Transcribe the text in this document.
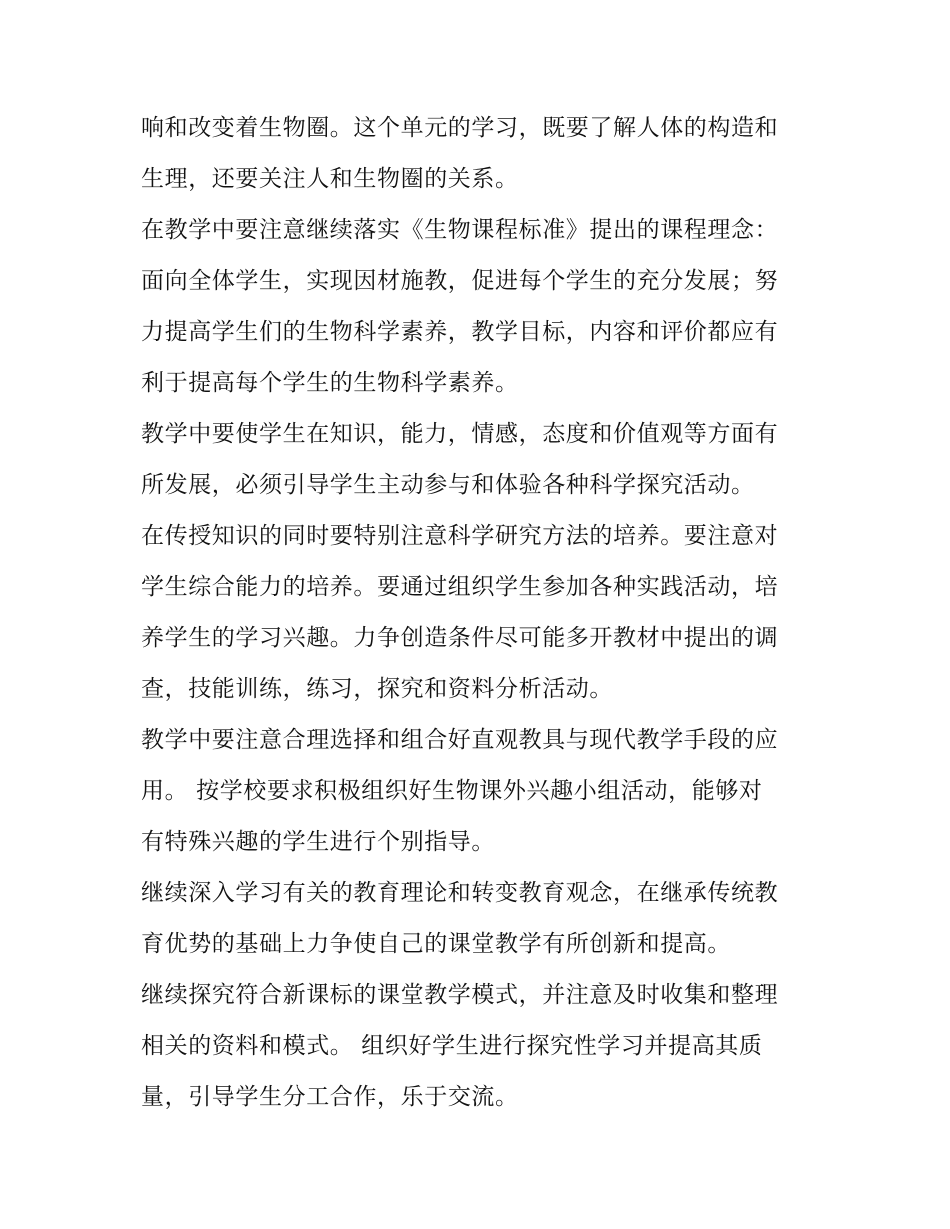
响和改变着生物圈。这个单元的学习，既要了解人体的构造和
生理，还要关注人和生物圈的关系。

在教学中要注意继续落实《生物课程标准》提出的课程理念：
面向全体学生，实现因材施教，促进每个学生的充分发展；努
力提高学生们的生物科学素养，教学目标，内容和评价都应有
利于提高每个学生的生物科学素养。

教学中要使学生在知识，能力，情感，态度和价值观等方面有
所发展，必须引导学生主动参与和体验各种科学探究活动。

在传授知识的同时要特别注意科学研究方法的培养。要注意对
学生综合能力的培养。要通过组织学生参加各种实践活动，培
养学生的学习兴趣。力争创造条件尽可能多开教材中提出的调
查，技能训练，练习，探究和资料分析活动。

教学中要注意合理选择和组合好直观教具与现代教学手段的应
用。 按学校要求积极组织好生物课外兴趣小组活动，能够对
有特殊兴趣的学生进行个别指导。

继续深入学习有关的教育理论和转变教育观念，在继承传统教
育优势的基础上力争使自己的课堂教学有所创新和提高。

继续探究符合新课标的课堂教学模式，并注意及时收集和整理
相关的资料和模式。 组织好学生进行探究性学习并提高其质
量，引导学生分工合作，乐于交流。
